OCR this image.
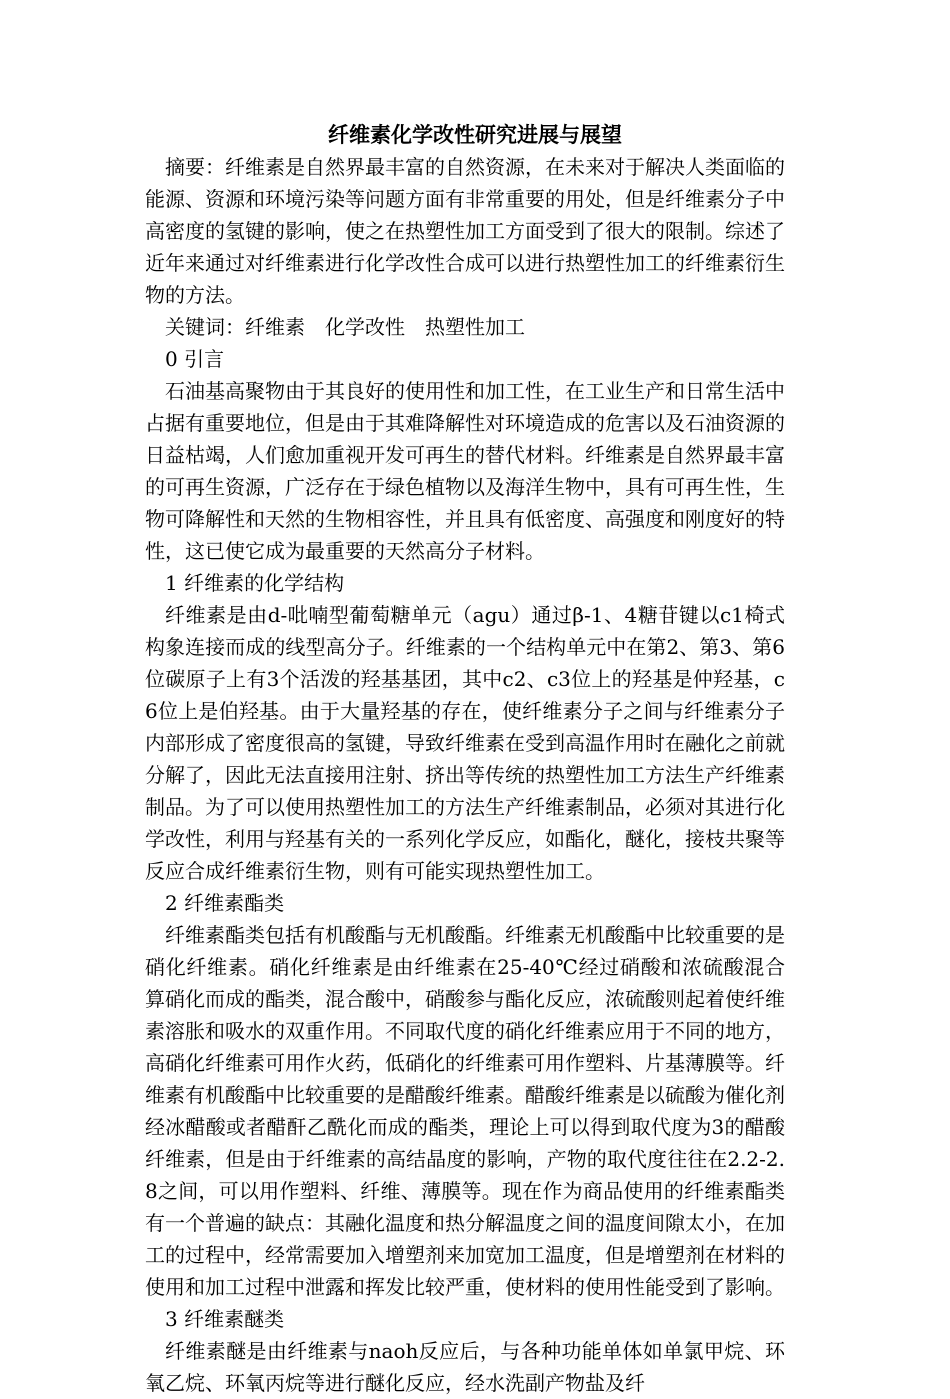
纤维素化学改性研究进展与展望

摘要：纤维素是自然界最丰富的自然资源，在未来对于解决人类面临的能源、资源和环境污染等问题方面有非常重要的用处，但是纤维素分子中高密度的氢键的影响，使之在热塑性加工方面受到了很大的限制。综述了近年来通过对纤维素进行化学改性合成可以进行热塑性加工的纤维素衍生物的方法。

关键词：纤维素　化学改性　热塑性加工
0 引言

石油基高聚物由于其良好的使用性和加工性，在工业生产和日常生活中占据有重要地位，但是由于其难降解性对环境造成的危害以及石油资源的日益枯竭，人们愈加重视开发可再生的替代材料。纤维素是自然界最丰富的可再生资源，广泛存在于绿色植物以及海洋生物中，具有可再生性，生物可降解性和天然的生物相容性，并且具有低密度、高强度和刚度好的特性，这已使它成为最重要的天然高分子材料。

1 纤维素的化学结构

纤维素是由d-吡喃型葡萄糖单元（agu）通过β-1、4糖苷键以c1椅式构象连接而成的线型高分子。纤维素的一个结构单元中在第2、第3、第6位碳原子上有3个活泼的羟基基团，其中c2、c3位上的羟基是仲羟基，c6位上是伯羟基。由于大量羟基的存在，使纤维素分子之间与纤维素分子内部形成了密度很高的氢键，导致纤维素在受到高温作用时在融化之前就分解了，因此无法直接用注射、挤出等传统的热塑性加工方法生产纤维素制品。为了可以使用热塑性加工的方法生产纤维素制品，必须对其进行化学改性，利用与羟基有关的一系列化学反应，如酯化，醚化，接枝共聚等反应合成纤维素衍生物，则有可能实现热塑性加工。

2 纤维素酯类

纤维素酯类包括有机酸酯与无机酸酯。纤维素无机酸酯中比较重要的是硝化纤维素。硝化纤维素是由纤维素在25-40℃经过硝酸和浓硫酸混合算硝化而成的酯类，混合酸中，硝酸参与酯化反应，浓硫酸则起着使纤维素溶胀和吸水的双重作用。不同取代度的硝化纤维素应用于不同的地方，高硝化纤维素可用作火药，低硝化的纤维素可用作塑料、片基薄膜等。纤维素有机酸酯中比较重要的是醋酸纤维素。醋酸纤维素是以硫酸为催化剂经冰醋酸或者醋酐乙酰化而成的酯类，理论上可以得到取代度为3的醋酸纤维素，但是由于纤维素的高结晶度的影响，产物的取代度往往在2.2-2.8之间，可以用作塑料、纤维、薄膜等。现在作为商品使用的纤维素酯类有一个普遍的缺点：其融化温度和热分解温度之间的温度间隙太小，在加工的过程中，经常需要加入增塑剂来加宽加工温度，但是增塑剂在材料的使用和加工过程中泄露和挥发比较严重，使材料的使用性能受到了影响。

3 纤维素醚类

纤维素醚是由纤维素与naoh反应后，与各种功能单体如单氯甲烷、环氧乙烷、环氧丙烷等进行醚化反应，经水洗副产物盐及纤
